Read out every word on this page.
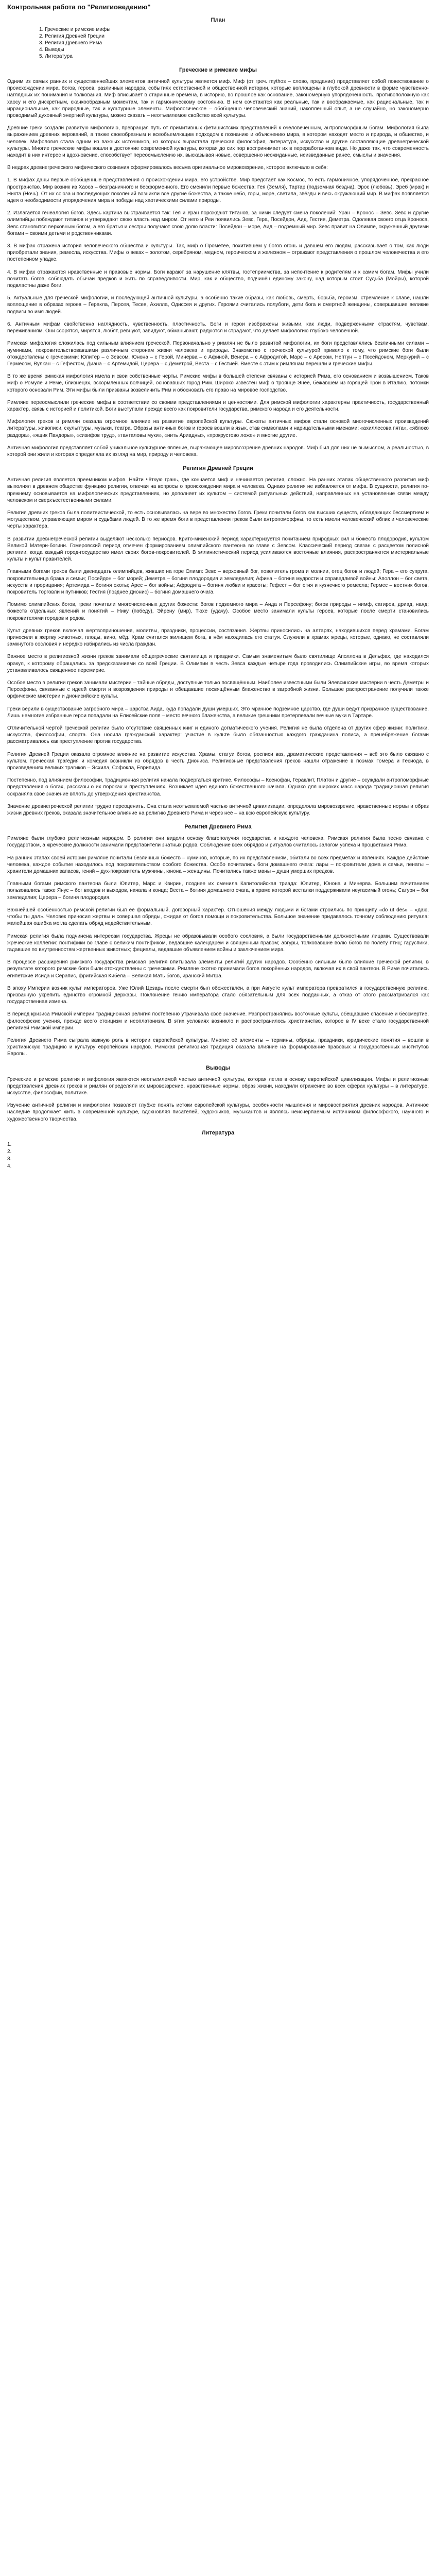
Контрольная работа по "Религиоведению"
План
1. Греческие и римские мифы
2. Религия Древней Греции
3. Религия Древнего Рима
4. Выводы
5. Литература
Греческие и римские мифы

Одним из самых ранних и существеннейших элементов античной культуры является миф. Миф (от греч. mythos – слово, предание) представляет собой повествование о происхождении мира, богов, героев, различных народов, событиях естественной и общественной истории, которые воплощены в глубокой древности в форме чувственно-наглядных их понимания и толкования. Миф вписывает в старинные времена, в историю, во прошлое как основание, закономерную упорядоченность, противоположную как хаосу и его дискретным, скачкообразным моментам, так и гармоническому состоянию. В нем сочетаются как реальные, так и воображаемые, как рациональные, так и иррациональные, как природные, так и культурные элементы. Мифологическое – обобщенно человеческий знаний, накопленный опыт, а не случайно, но закономерно проводимый духовный энергией культуры, можно сказать – неотъемлемое свойство всей культуры.

Древние греки создали развитую мифологию, превращая путь от примитивных фетишистских представлений к очеловеченным, антропоморфным богам. Мифология была выражением древних верований, а также своеобразным и всеобъемлющим подходом к познанию и объяснению мира, в котором находят место и природа, и общество, и человек. Мифология стала одним из важных источников, из которых вырастала греческая философия, литература, искусство и другие составляющие древнегреческой культуры. Многие греческие мифы вошли в достояние современной культуры, которая до сих пор воспринимает их в переработанном виде. Но даже так, что современность находит в них интерес и вдохновение, способствует переосмыслению их, высказывая новые, совершенно неожиданные, неизведанные ранее, смыслы и значения.

В недрах древнегреческого мифического сознания сформировалось весьма оригинальное мировоззрение, которое включало в себя:

1. В мифах даны первые обобщённые представления о происхождении мира, его устройстве. Мир предстаёт как Космос, то есть гармоничное, упорядоченное, прекрасное пространство. Мир возник из Хаоса – безграничного и бесформенного. Его сменили первые божества: Гея (Земля), Тартар (подземная бездна), Эрос (любовь), Эреб (мрак) и Никта (Ночь). От их союза и последующих поколений возникли все другие божества, а также небо, горы, море, светила, звёзды и весь окружающий мир. В мифах появляется идея о необходимости упорядочения мира и победы над хаотическими силами природы.

2. Излагается генеалогия богов. Здесь картина выстраивается так: Гея и Уран порождают титанов, за ними следует смена поколений: Уран – Кронос – Зевс. Зевс и другие олимпийцы побеждают титанов и утверждают свою власть над миром. От него и Реи появились Зевс, Гера, Посейдон, Аид, Гестия, Деметра. Одолевая своего отца Кроноса, Зевс становится верховным богом, а его братья и сестры получают свою долю власти: Посейдон – море, Аид – подземный мир. Зевс правит на Олимпе, окруженный другими богами – своими детьми и родственниками.

3. В мифах отражена история человеческого общества и культуры. Так, миф о Прометее, похитившем у богов огонь и давшем его людям, рассказывает о том, как люди приобретали знания, ремесла, искусства. Мифы о веках – золотом, серебряном, медном, героическом и железном – отражают представления о прошлом человечества и его постепенном упадке.

4. В мифах отражаются нравственные и правовые нормы. Боги карают за нарушение клятвы, гостеприимства, за непочтение к родителям и к самим богам. Мифы учили почитать богов, соблюдать обычаи предков и жить по справедливости. Мир, как и общество, подчинён единому закону, над которым стоит Судьба (Мойры), которой подвластны даже боги.

5. Актуальные для греческой мифологии, и последующей античной культуры, а особенно такие образы, как любовь, смерть, борьба, героизм, стремление к славе, нашли воплощение в образах героев – Геракла, Персея, Тесея, Ахилла, Одиссея и других. Героями считались полубоги, дети бога и смертной женщины, совершавшие великие подвиги во имя людей.

6. Античным мифам свойственна наглядность, чувственность, пластичность. Боги и герои изображены живыми, как люди, подверженными страстям, чувствам, переживаниям. Они ссорятся, мирятся, любят, ревнуют, завидуют, обманывают, радуются и страдают, что делает мифологию глубоко человечной.

Римская мифология сложилась под сильным влиянием греческой. Первоначально у римлян не было развитой мифологии, их боги представлялись безличными силами – нуминами, покровительствовавшими различным сторонам жизни человека и природы. Знакомство с греческой культурой привело к тому, что римские боги были отождествлены с греческими: Юпитер – с Зевсом, Юнона – с Герой, Минерва – с Афиной, Венера – с Афродитой, Марс – с Аресом, Нептун – с Посейдоном, Меркурий – с Гермесом, Вулкан – с Гефестом, Диана – с Артемидой, Церера – с Деметрой, Веста – с Гестией. Вместе с этим к римлянам перешли и греческие мифы.

В то же время римская мифология имела и свои собственные черты. Римские мифы в большей степени связаны с историей Рима, его основанием и возвышением. Таков миф о Ромуле и Реме, близнецах, вскормленных волчицей, основавших город Рим. Широко известен миф о троянце Энее, бежавшем из горящей Трои в Италию, потомки которого основали Рим. Эти мифы были призваны возвеличить Рим и обосновать его право на мировое господство.

Римляне переосмыслили греческие мифы в соответствии со своими представлениями и ценностями. Для римской мифологии характерны практичность, государственный характер, связь с историей и политикой. Боги выступали прежде всего как покровители государства, римского народа и его деятельности.

Мифология греков и римлян оказала огромное влияние на развитие европейской культуры. Сюжеты античных мифов стали основой многочисленных произведений литературы, живописи, скульптуры, музыки, театра. Образы античных богов и героев вошли в язык, став символами и нарицательными именами: «ахиллесова пята», «яблоко раздора», «ящик Пандоры», «сизифов труд», «танталовы муки», «нить Ариадны», «прокрустово ложе» и многие другие.

Античная мифология представляет собой уникальное культурное явление, выражающее мировоззрение древних народов. Миф был для них не вымыслом, а реальностью, в которой они жили и которая определяла их взгляд на мир, природу и человека.

Религия Древней Греции

Античная религия является преемником мифов. Найти чёткую грань, где кончается миф и начинается религия, сложно. На ранних этапах общественного развития миф выполнял в древнем обществе функцию религии, отвечая на вопросы о происхождении мира и человека. Однако религия не избавляется от мифа. В сущности, религия по-прежнему основывается на мифологических представлениях, но дополняет их культом – системой ритуальных действий, направленных на установление связи между человеком и сверхъестественными силами.

Религия древних греков была политеистической, то есть основывалась на вере во множество богов. Греки почитали богов как высших существ, обладающих бессмертием и могуществом, управляющих миром и судьбами людей. В то же время боги в представлении греков были антропоморфны, то есть имели человеческий облик и человеческие черты характера.

В развитии древнегреческой религии выделяют несколько периодов. Крито-микенский период характеризуется почитанием природных сил и божеств плодородия, культом Великой Матери-богини. Гомеровский период отмечен формированием олимпийского пантеона во главе с Зевсом. Классический период связан с расцветом полисной религии, когда каждый город-государство имел своих богов-покровителей. В эллинистический период усиливаются восточные влияния, распространяются мистериальные культы и культ правителей.

Главными богами греков были двенадцать олимпийцев, живших на горе Олимп: Зевс – верховный бог, повелитель грома и молнии, отец богов и людей; Гера – его супруга, покровительница брака и семьи; Посейдон – бог морей; Деметра – богиня плодородия и земледелия; Афина – богиня мудрости и справедливой войны; Аполлон – бог света, искусств и прорицания; Артемида – богиня охоты; Арес – бог войны; Афродита – богиня любви и красоты; Гефест – бог огня и кузнечного ремесла; Гермес – вестник богов, покровитель торговли и путников; Гестия (позднее Дионис) – богиня домашнего очага.

Помимо олимпийских богов, греки почитали многочисленных других божеств: богов подземного мира – Аида и Персефону; богов природы – нимф, сатиров, дриад, наяд; божеств отдельных явлений и понятий – Нику (победу), Эйрену (мир), Тюхе (удачу). Особое место занимали культы героев, которые после смерти становились покровителями городов и родов.

Культ древних греков включал жертвоприношения, молитвы, праздники, процессии, состязания. Жертвы приносились на алтарях, находившихся перед храмами. Богам приносили в жертву животных, плоды, вино, мёд. Храм считался жилищем бога, в нём находилась его статуя. Служили в храмах жрецы, которые, однако, не составляли замкнутого сословия и нередко избирались из числа граждан.

Важное место в религиозной жизни греков занимали общегреческие святилища и праздники. Самым знаменитым было святилище Аполлона в Дельфах, где находился оракул, к которому обращались за предсказаниями со всей Греции. В Олимпии в честь Зевса каждые четыре года проводились Олимпийские игры, во время которых устанавливалось священное перемирие.

Особое место в религии греков занимали мистерии – тайные обряды, доступные только посвящённым. Наиболее известными были Элевсинские мистерии в честь Деметры и Персефоны, связанные с идеей смерти и возрождения природы и обещавшие посвящённым блаженство в загробной жизни. Большое распространение получили также орфические мистерии и дионисийские культы.

Греки верили в существование загробного мира – царства Аида, куда попадали души умерших. Это мрачное подземное царство, где души ведут призрачное существование. Лишь немногие избранные герои попадали на Елисейские поля – место вечного блаженства, а великие грешники претерпевали вечные муки в Тартаре.

Отличительной чертой греческой религии было отсутствие священных книг и единого догматического учения. Религия не была отделена от других сфер жизни: политики, искусства, философии, спорта. Она носила гражданский характер: участие в культе было обязанностью каждого гражданина полиса, а пренебрежение богами рассматривалось как преступление против государства.

Религия Древней Греции оказала огромное влияние на развитие искусства. Храмы, статуи богов, росписи ваз, драматические представления – всё это было связано с культом. Греческая трагедия и комедия возникли из обрядов в честь Диониса. Религиозные представления греков нашли отражение в поэмах Гомера и Гесиода, в произведениях великих трагиков – Эсхила, Софокла, Еврипида.

Постепенно, под влиянием философии, традиционная религия начала подвергаться критике. Философы – Ксенофан, Гераклит, Платон и другие – осуждали антропоморфные представления о богах, рассказы о их пороках и преступлениях. Возникает идея единого божественного начала. Однако для широких масс народа традиционная религия сохраняла своё значение вплоть до утверждения христианства.

Значение древнегреческой религии трудно переоценить. Она стала неотъемлемой частью античной цивилизации, определяла мировоззрение, нравственные нормы и образ жизни древних греков, оказала значительное влияние на религию Древнего Рима и через неё – на всю европейскую культуру.

Религия Древнего Рима

Римляне были глубоко религиозным народом. В религии они видели основу благополучия государства и каждого человека. Римская религия была тесно связана с государством, а жреческие должности занимали представители знатных родов. Соблюдение всех обрядов и ритуалов считалось залогом успеха и процветания Рима.

На ранних этапах своей истории римляне почитали безличных божеств – нуминов, которые, по их представлениям, обитали во всех предметах и явлениях. Каждое действие человека, каждое событие находилось под покровительством особого божества. Особо почитались боги домашнего очага: лары – покровители дома и семьи, пенаты – хранители домашних запасов, гений – дух-покровитель мужчины, юнона – женщины. Почитались также маны – души умерших предков.

Главными богами римского пантеона были Юпитер, Марс и Квирин, позднее их сменила Капитолийская триада: Юпитер, Юнона и Минерва. Большим почитанием пользовались также Янус – бог входов и выходов, начала и конца; Веста – богиня домашнего очага, в храме которой весталки поддерживали неугасимый огонь; Сатурн – бог земледелия; Церера – богиня плодородия.

Важнейшей особенностью римской религии был её формальный, договорный характер. Отношения между людьми и богами строились по принципу «do ut des» – «даю, чтобы ты дал». Человек приносил жертвы и совершал обряды, ожидая от богов помощи и покровительства. Большое значение придавалось точному соблюдению ритуала: малейшая ошибка могла сделать обряд недействительным.

Римская религия была подчинена интересам государства. Жрецы не образовывали особого сословия, а были государственными должностными лицами. Существовали жреческие коллегии: понтифики во главе с великим понтификом, ведавшие календарём и священным правом; авгуры, толковавшие волю богов по полёту птиц; гаруспики, гадавшие по внутренностям жертвенных животных; фециалы, ведавшие объявлением войны и заключением мира.

В процессе расширения римского государства римская религия впитывала элементы религий других народов. Особенно сильным было влияние греческой религии, в результате которого римские боги были отождествлены с греческими. Римляне охотно принимали богов покорённых народов, включая их в свой пантеон. В Риме почитались египетские Исида и Серапис, фригийская Кибела – Великая Мать богов, иранский Митра.

В эпоху Империи возник культ императоров. Уже Юлий Цезарь после смерти был обожествлён, а при Августе культ императора превратился в государственную религию, призванную укрепить единство огромной державы. Поклонение гению императора стало обязательным для всех подданных, а отказ от этого рассматривался как государственная измена.

В период кризиса Римской империи традиционная религия постепенно утрачивала своё значение. Распространялись восточные культы, обещавшие спасение и бессмертие, философские учения, прежде всего стоицизм и неоплатонизм. В этих условиях возникло и распространилось христианство, которое в IV веке стало государственной религией Римской империи.

Религия Древнего Рима сыграла важную роль в истории европейской культуры. Многие её элементы – термины, обряды, праздники, юридические понятия – вошли в христианскую традицию и культуру европейских народов. Римская религиозная традиция оказала влияние на формирование правовых и государственных институтов Европы.

Выводы

Греческие и римские религия и мифология являются неотъемлемой частью античной культуры, которая легла в основу европейской цивилизации. Мифы и религиозные представления древних греков и римлян определяли их мировоззрение, нравственные нормы, образ жизни, находили отражение во всех сферах культуры – в литературе, искусстве, философии, политике.

Изучение античной религии и мифологии позволяет глубже понять истоки европейской культуры, особенности мышления и мировосприятия древних народов. Античное наследие продолжает жить в современной культуре, вдохновляя писателей, художников, музыкантов и являясь неисчерпаемым источником философского, научного и художественного творчества.

Литература
1.
2.
3.
4.
